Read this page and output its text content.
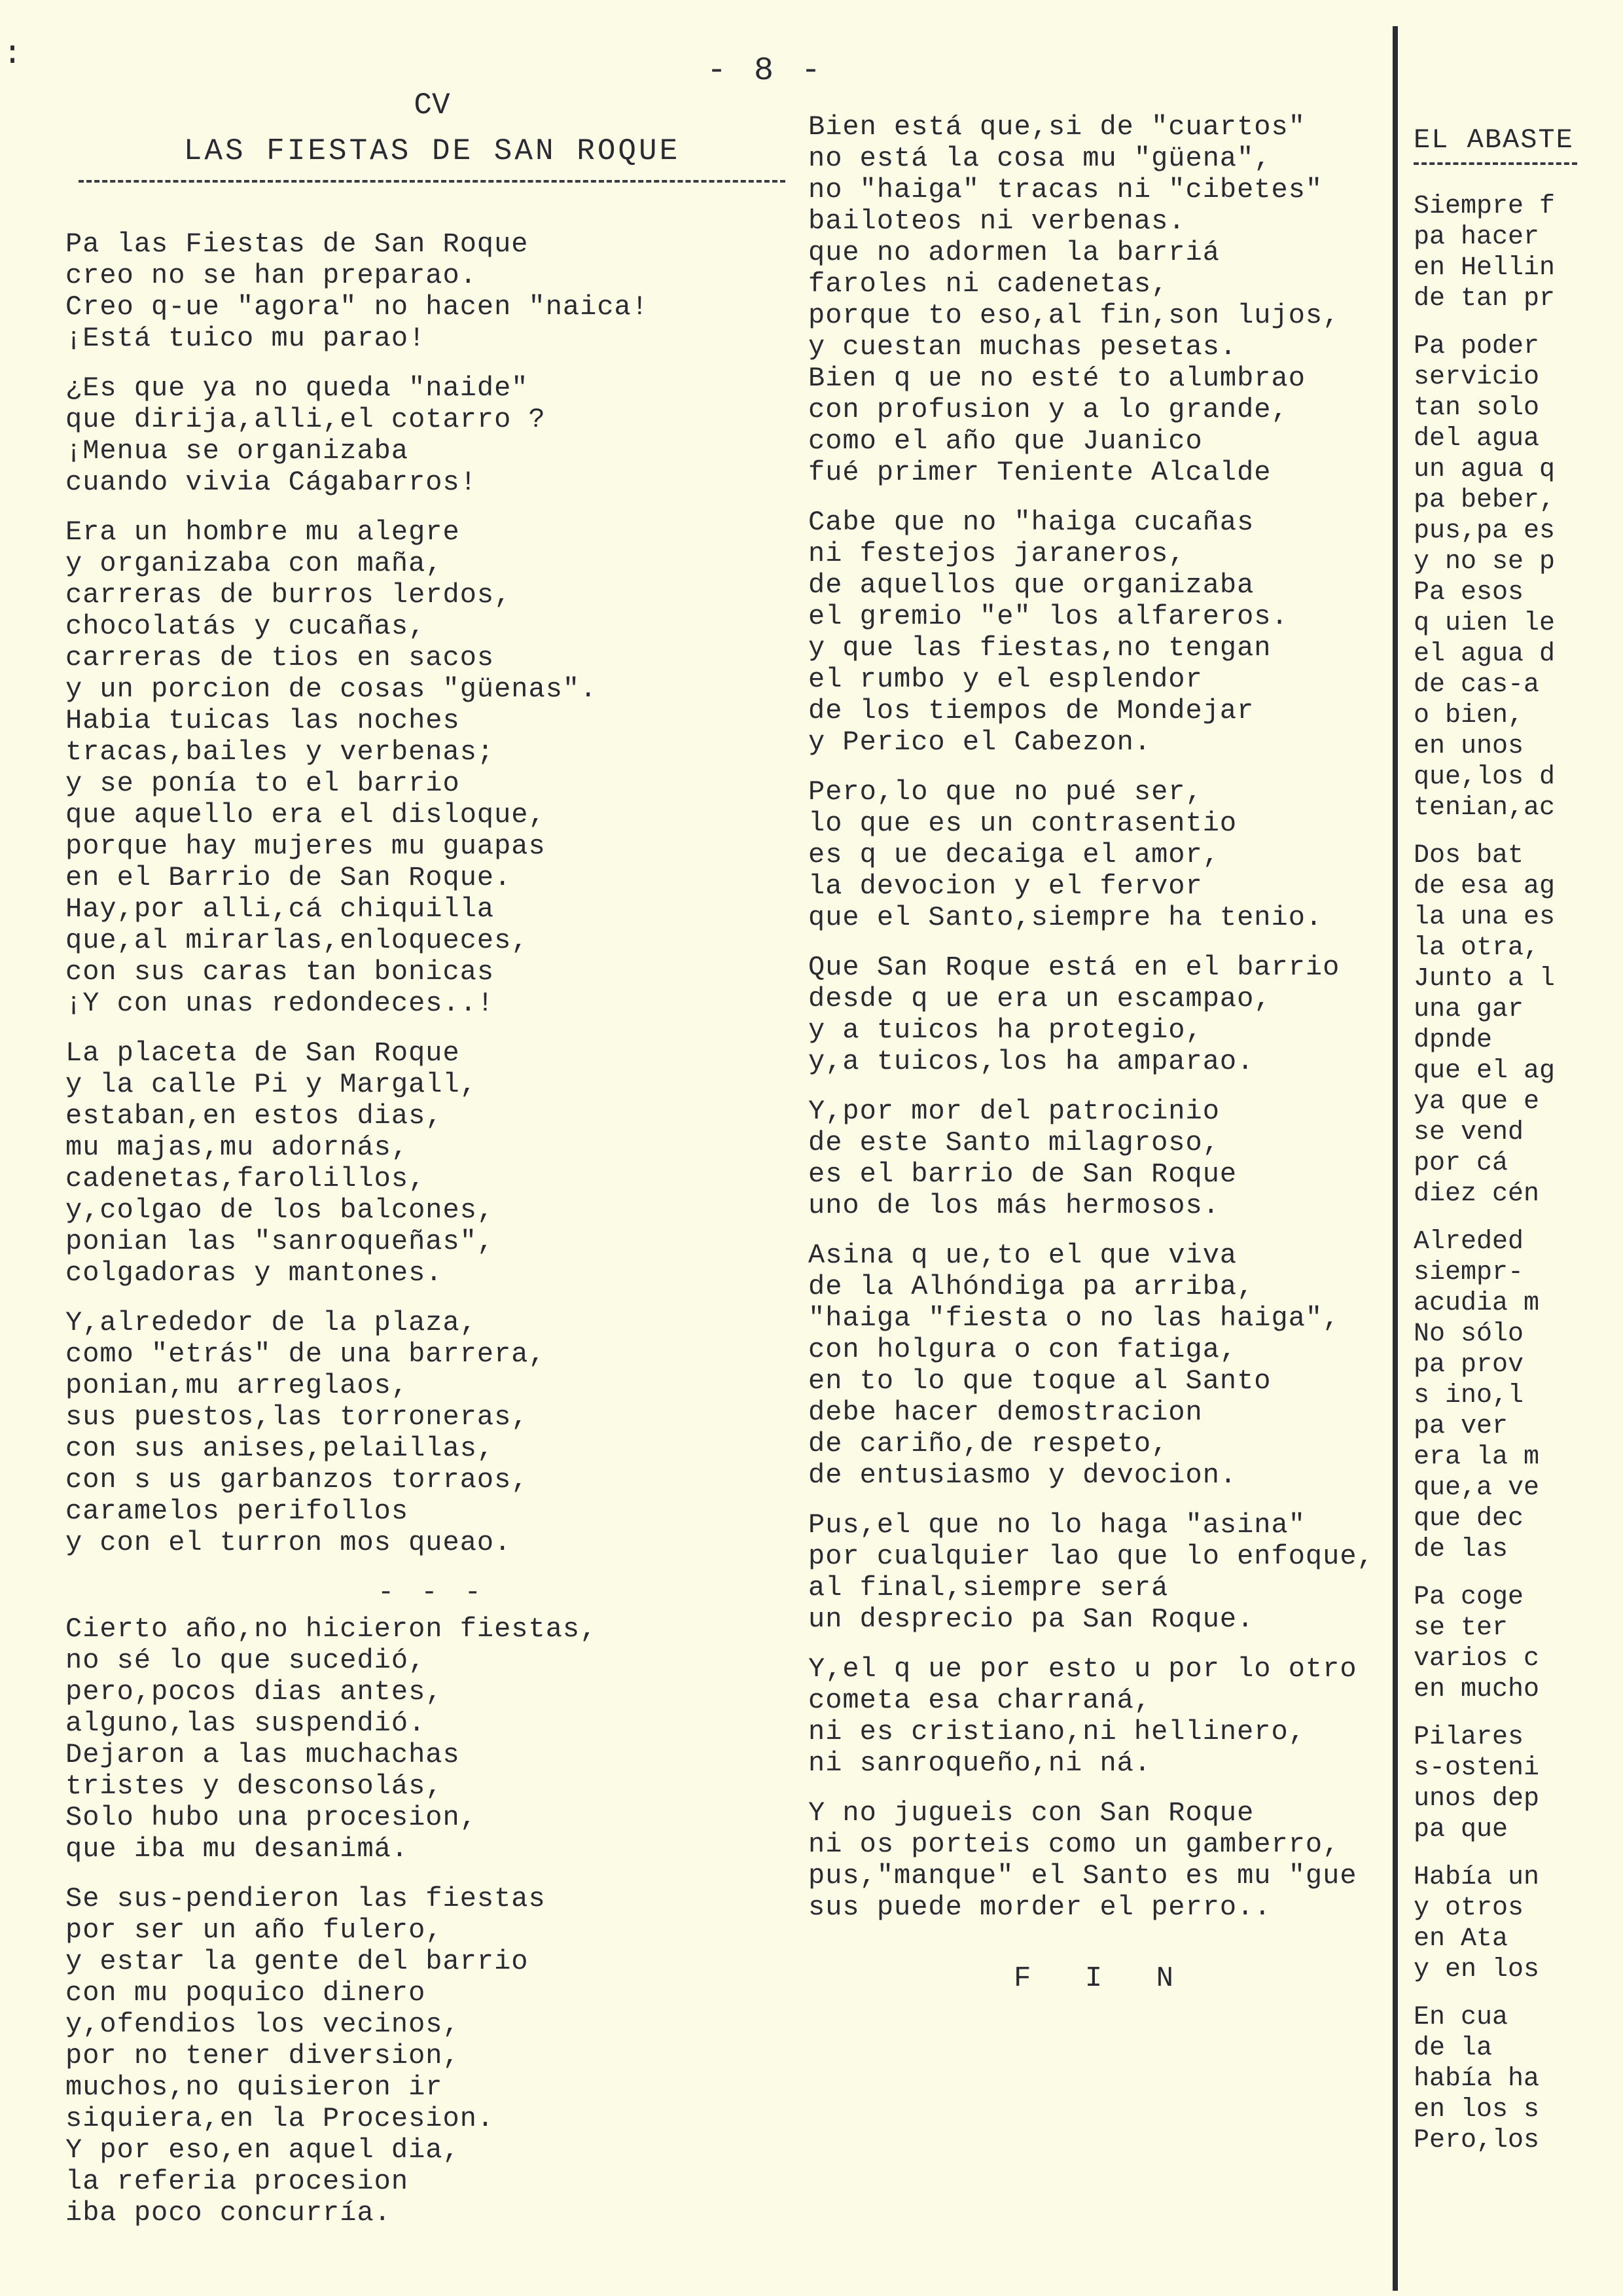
:	- 8 -

CV

LAS FIESTAS DE SAN ROQUE

Pa las Fiestas de San Roque
creo no se han preparao.
Creo q-ue "agora" no hacen "naica!
¡Está tuico mu parao!
¿Es que ya no queda "naide"
que dirija,alli,el cotarro ?
¡Menua se organizaba
cuando vivia Cágabarros!
Era un hombre mu alegre
y organizaba con maña,
carreras de burros lerdos,
chocolatás y cucañas,
carreras de tios en sacos
y un porcion de cosas "güenas".
Habia tuicas las noches
tracas,bailes y verbenas;
y se ponía to el barrio
que aquello era el disloque,
porque hay mujeres mu guapas
en el Barrio de San Roque.
Hay,por alli,cá chiquilla
que,al mirarlas,enloqueces,
con sus caras tan bonicas
¡Y con unas redondeces..!
La placeta de San Roque
y la calle Pi y Margall,
estaban,en estos dias,
mu majas,mu adornás,
cadenetas,farolillos,
y,colgao de los balcones,
ponian las "sanroqueñas",
colgadoras y mantones.
Y,alrededor de la plaza,
como "etrás" de una barrera,
ponian,mu arreglaos,
sus puestos,las torroneras,
con sus anises,pelaillas,
con s us garbanzos torraos,
caramelos perifollos
y con el turron mos queao.
- - -
Cierto año,no hicieron fiestas,
no sé lo que sucedió,
pero,pocos dias antes,
alguno,las suspendió.
Dejaron a las muchachas
tristes y desconsolás,
Solo hubo una procesion,
que iba mu desanimá.
Se sus-pendieron las fiestas
por ser un año fulero,
y estar la gente del barrio
con mu poquico dinero
y,ofendios los vecinos,
por no tener diversion,
muchos,no quisieron ir
siquiera,en la Procesion.
Y por eso,en aquel dia,
la referia procesion
iba poco concurría.
Bien está que,si de "cuartos"
no está la cosa mu "güena",
no "haiga" tracas ni "cibetes"
bailoteos ni verbenas.
que no adormen la barriá
faroles ni cadenetas,
porque to eso,al fin,son lujos,
y cuestan muchas pesetas.
Bien q ue no esté to alumbrao
con profusion y a lo grande,
como el año que Juanico
fué primer Teniente Alcalde
Cabe que no "haiga cucañas
ni festejos jaraneros,
de aquellos que organizaba
el gremio "e" los alfareros.
y que las fiestas,no tengan
el rumbo y el esplendor
de los tiempos de Mondejar
y Perico el Cabezon.
Pero,lo que no pué ser,
lo que es un contrasentio
es q ue decaiga el amor,
la devocion y el fervor
que el Santo,siempre ha tenio.
Que San Roque está en el barrio
desde q ue era un escampao,
y a tuicos ha protegio,
y,a tuicos,los ha amparao.
Y,por mor del patrocinio
de este Santo milagroso,
es el barrio de San Roque
uno de los más hermosos.
Asina q ue,to el que viva
de la Alhóndiga pa arriba,
"haiga "fiesta o no las haiga",
con holgura o con fatiga,
en to lo que toque al Santo
debe hacer demostracion
de cariño,de respeto,
de entusiasmo y devocion.
Pus,el que no lo haga "asina"
por cualquier lao que lo enfoque,
al final,siempre será
un desprecio pa San Roque.
Y,el q ue por esto u por lo otro
cometa esa charraná,
ni es cristiano,ni hellinero,
ni sanroqueño,ni ná.
Y no jugueis con San Roque
ni os porteis como un gamberro,
pus,"manque" el Santo es mu "gue
sus puede morder el perro..
F I N
EL ABASTE
Siempre f
pa hacer
en Hellin
de tan pr
Pa poder
servicio
tan solo
del agua
un agua q
pa beber,
pus,pa es
y no se p
Pa esos
q uien le
el agua d
de cas-a
o bien,
en unos
que,los d
tenian,ac
Dos bat
de esa ag
la una es
la otra,
Junto a l
una gar
dpnde
que el ag
ya que e
se vend
por cá
diez cén
Alreded
siempr-
acudia m
No sólo
pa prov
s ino,l
pa ver
era la m
que,a ve
que dec
de las
Pa coge
se ter
varios c
en mucho
Pilares
s-osteni
unos dep
pa que
Había un
y otros
en Ata
y en los
En cua
de la
había ha
en los s
Pero,los
